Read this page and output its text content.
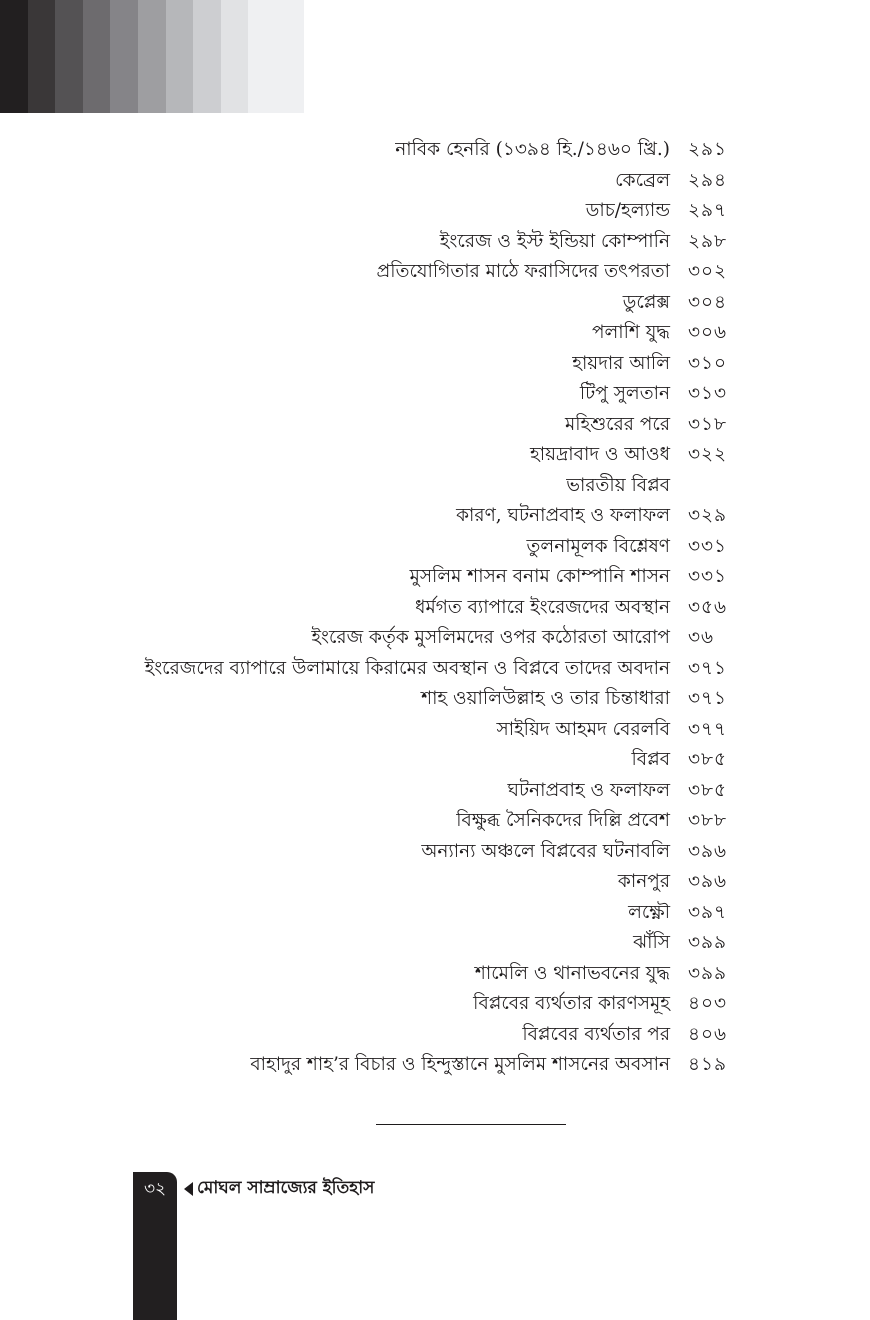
নাবিক হেনরি (১৩৯৪ হি./১৪৬০ খ্রি.) ২৯১
কেব্রেল ২৯৪
ডাচ/হল্যান্ড ২৯৭
ইংরেজ ও ইস্ট ইন্ডিয়া কোম্পানি ২৯৮
প্রতিযোগিতার মাঠে ফরাসিদের তৎপরতা ৩০২
ডুপ্লেক্স ৩০৪
পলাশি যুদ্ধ ৩০৬
হায়দার আলি ৩১০
টিপু সুলতান ৩১৩
মহিশুরের পরে ৩১৮
হায়দ্রাবাদ ও আওধ ৩২২
ভারতীয় বিপ্লব
কারণ, ঘটনাপ্রবাহ ও ফলাফল ৩২৯
তুলনামূলক বিশ্লেষণ ৩৩১
মুসলিম শাসন বনাম কোম্পানি শাসন ৩৩১
ধর্মগত ব্যাপারে ইংরেজদের অবস্থান ৩৫৬
ইংরেজ কর্তৃক মুসলিমদের ওপর কঠোরতা আরোপ ৩৬
ইংরেজদের ব্যাপারে উলামায়ে কিরামের অবস্থান ও বিপ্লবে তাদের অবদান ৩৭১
শাহ ওয়ালিউল্লাহ ও তার চিন্তাধারা ৩৭১
সাইয়িদ আহমদ বেরলবি ৩৭৭
বিপ্লব ৩৮৫
ঘটনাপ্রবাহ ও ফলাফল ৩৮৫
বিক্ষুব্ধ সৈনিকদের দিল্লি প্রবেশ ৩৮৮
অন্যান্য অঞ্চলে বিপ্লবের ঘটনাবলি ৩৯৬
কানপুর ৩৯৬
লক্ষ্ণৌ ৩৯৭
ঝাঁসি ৩৯৯
শামেলি ও থানাভবনের যুদ্ধ ৩৯৯
বিপ্লবের ব্যর্থতার কারণসমূহ ৪০৩
বিপ্লবের ব্যর্থতার পর ৪০৬
বাহাদুর শাহ’র বিচার ও হিন্দুস্তানে মুসলিম শাসনের অবসান ৪১৯
৩২	মোঘল সাম্রাজ্যের ইতিহাস
